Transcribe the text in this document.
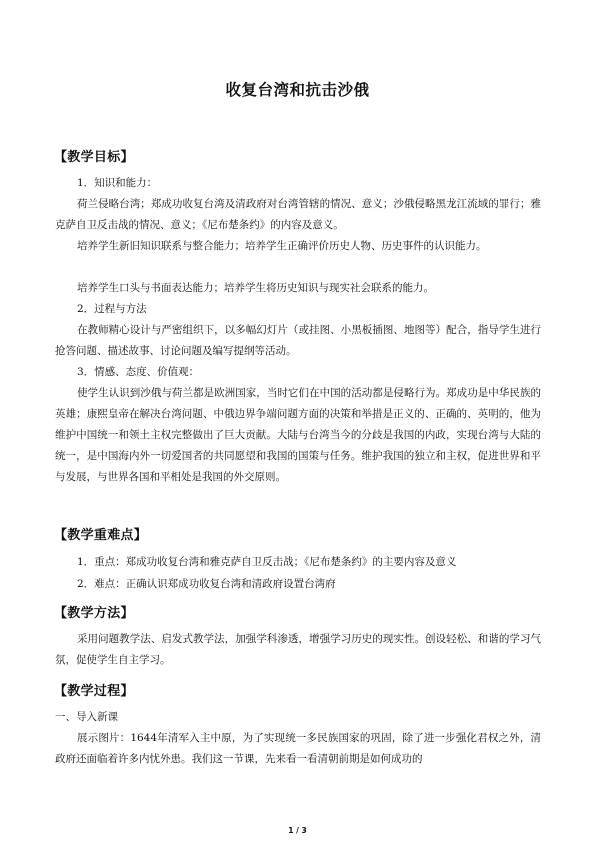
收复台湾和抗击沙俄
【教学目标】
1．知识和能力：
荷兰侵略台湾；郑成功收复台湾及清政府对台湾管辖的情况、意义；沙俄侵略黑龙江流域的罪行；雅克萨自卫反击战的情况、意义；《尼布楚条约》的内容及意义。
培养学生新旧知识联系与整合能力；培养学生正确评价历史人物、历史事件的认识能力。
培养学生口头与书面表达能力；培养学生将历史知识与现实社会联系的能力。
2．过程与方法
在教师精心设计与严密组织下，以多幅幻灯片（或挂图、小黑板插图、地图等）配合，指导学生进行抢答问题、描述故事、讨论问题及编写提纲等活动。
3．情感、态度、价值观：
使学生认识到沙俄与荷兰都是欧洲国家，当时它们在中国的活动都是侵略行为。郑成功是中华民族的英雄；康熙皇帝在解决台湾问题、中俄边界争端问题方面的决策和举措是正义的、正确的、英明的，他为维护中国统一和领土主权完整做出了巨大贡献。大陆与台湾当今的分歧是我国的内政，实现台湾与大陆的统一，是中国海内外一切爱国者的共同愿望和我国的国策与任务。维护我国的独立和主权，促进世界和平与发展，与世界各国和平相处是我国的外交原则。
【教学重难点】
1．重点：郑成功收复台湾和雅克萨自卫反击战；《尼布楚条约》的主要内容及意义
2．难点：正确认识郑成功收复台湾和清政府设置台湾府
【教学方法】
采用问题教学法、启发式教学法，加强学科渗透，增强学习历史的现实性。创设轻松、和谐的学习气氛，促使学生自主学习。
【教学过程】
一、导入新课
展示图片：1644年清军入主中原，为了实现统一多民族国家的巩固，除了进一步强化君权之外，清政府还面临着许多内忧外患。我们这一节课，先来看一看清朝前期是如何成功的
1 / 3
